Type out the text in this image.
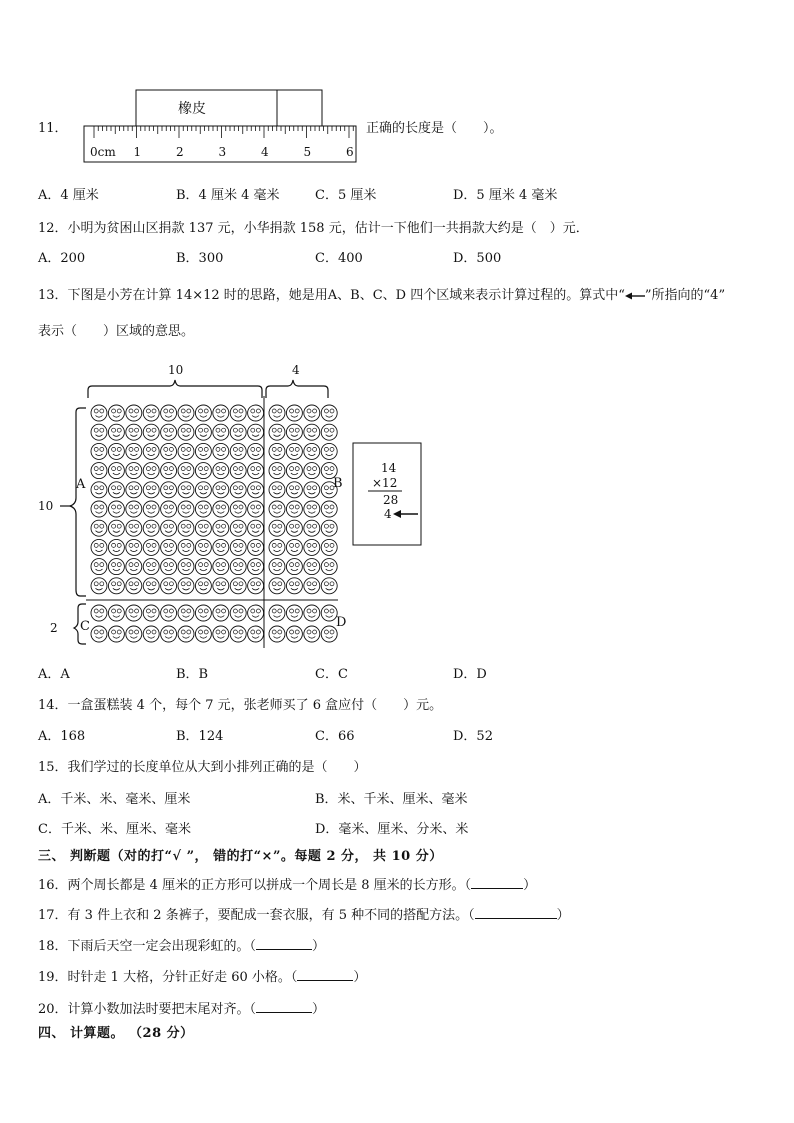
11．
橡皮
0cm 1	2	3	4	5	6
正确的长度是（　　）。
A．4 厘米	B．4 厘米 4 毫米	C．5 厘米	D．5 厘米 4 毫米
12．小明为贫困山区捐款 137 元，小华捐款 158 元，估计一下他们一共捐款大约是（　）元．
A．200	B．300	C．400	D．500
13．下图是小芳在计算 14×12 时的思路，她是用A、B、C、D 四个区域来表示计算过程的。算式中“ ”所指向的“4”
表示（　　）区域的意思。
10	4
10
2
A	B
C	D
14
×12
28
4
A．A	B．B	C．C	D．D
14．一盒蛋糕装 4 个，每个 7 元，张老师买了 6 盒应付（　　）元。
A．168	B．124	C．66	D．52
15．我们学过的长度单位从大到小排列正确的是（　　）
A．千米、米、毫米、厘米	B．米、千米、厘米、毫米
C．千米、米、厘米、毫米	D．毫米、厘米、分米、米
三、 判断题（对的打“√ ”， 错的打“×”。每题 2 分， 共 10 分）
16．两个周长都是 4 厘米的正方形可以拼成一个周长是 8 厘米的长方形。（	）
17．有 3 件上衣和 2 条裤子，要配成一套衣服，有 5 种不同的搭配方法。（	）
18．下雨后天空一定会出现彩虹的。（	）
19．时针走 1 大格，分针正好走 60 小格。（	）
20．计算小数加法时要把末尾对齐。（	）
四、 计算题。 （28 分）
